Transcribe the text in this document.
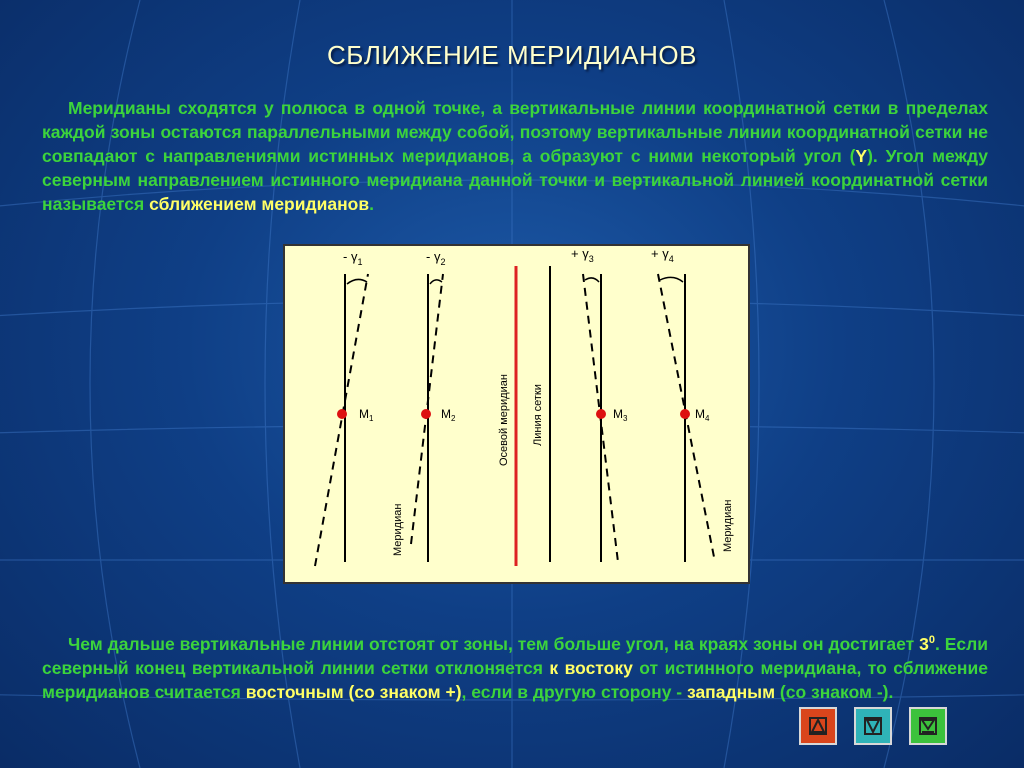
СБЛИЖЕНИЕ МЕРИДИАНОВ
Меридианы сходятся у полюса в одной точке, а вертикальные линии координатной сетки в пределах каждой зоны остаются параллельными между собой, поэтому вертикальные линии координатной сетки не совпадают с направлениями истинных меридианов, а образуют с ними некоторый угол (Y). Угол между северным направлением истинного меридиана данной точки и вертикальной линией координатной сетки называется сближением меридианов.
- $\gamma_1$	- $\gamma_2$
+ $\gamma_3$	+ $\gamma_4$
$М_1$	$М_2$	$М_3$	$М_4$
Осевой меридиан Линия сетки
Меридиан	Меридиан
Чем дальше вертикальные линии отстоят от зоны, тем больше угол, на краях зоны он достигает $3^0$. Если северный конец вертикальной линии сетки отклоняется к востоку от истинного меридиана, то сближение меридианов считается восточным (со знаком +), если в другую сторону - западным (со знаком -).
